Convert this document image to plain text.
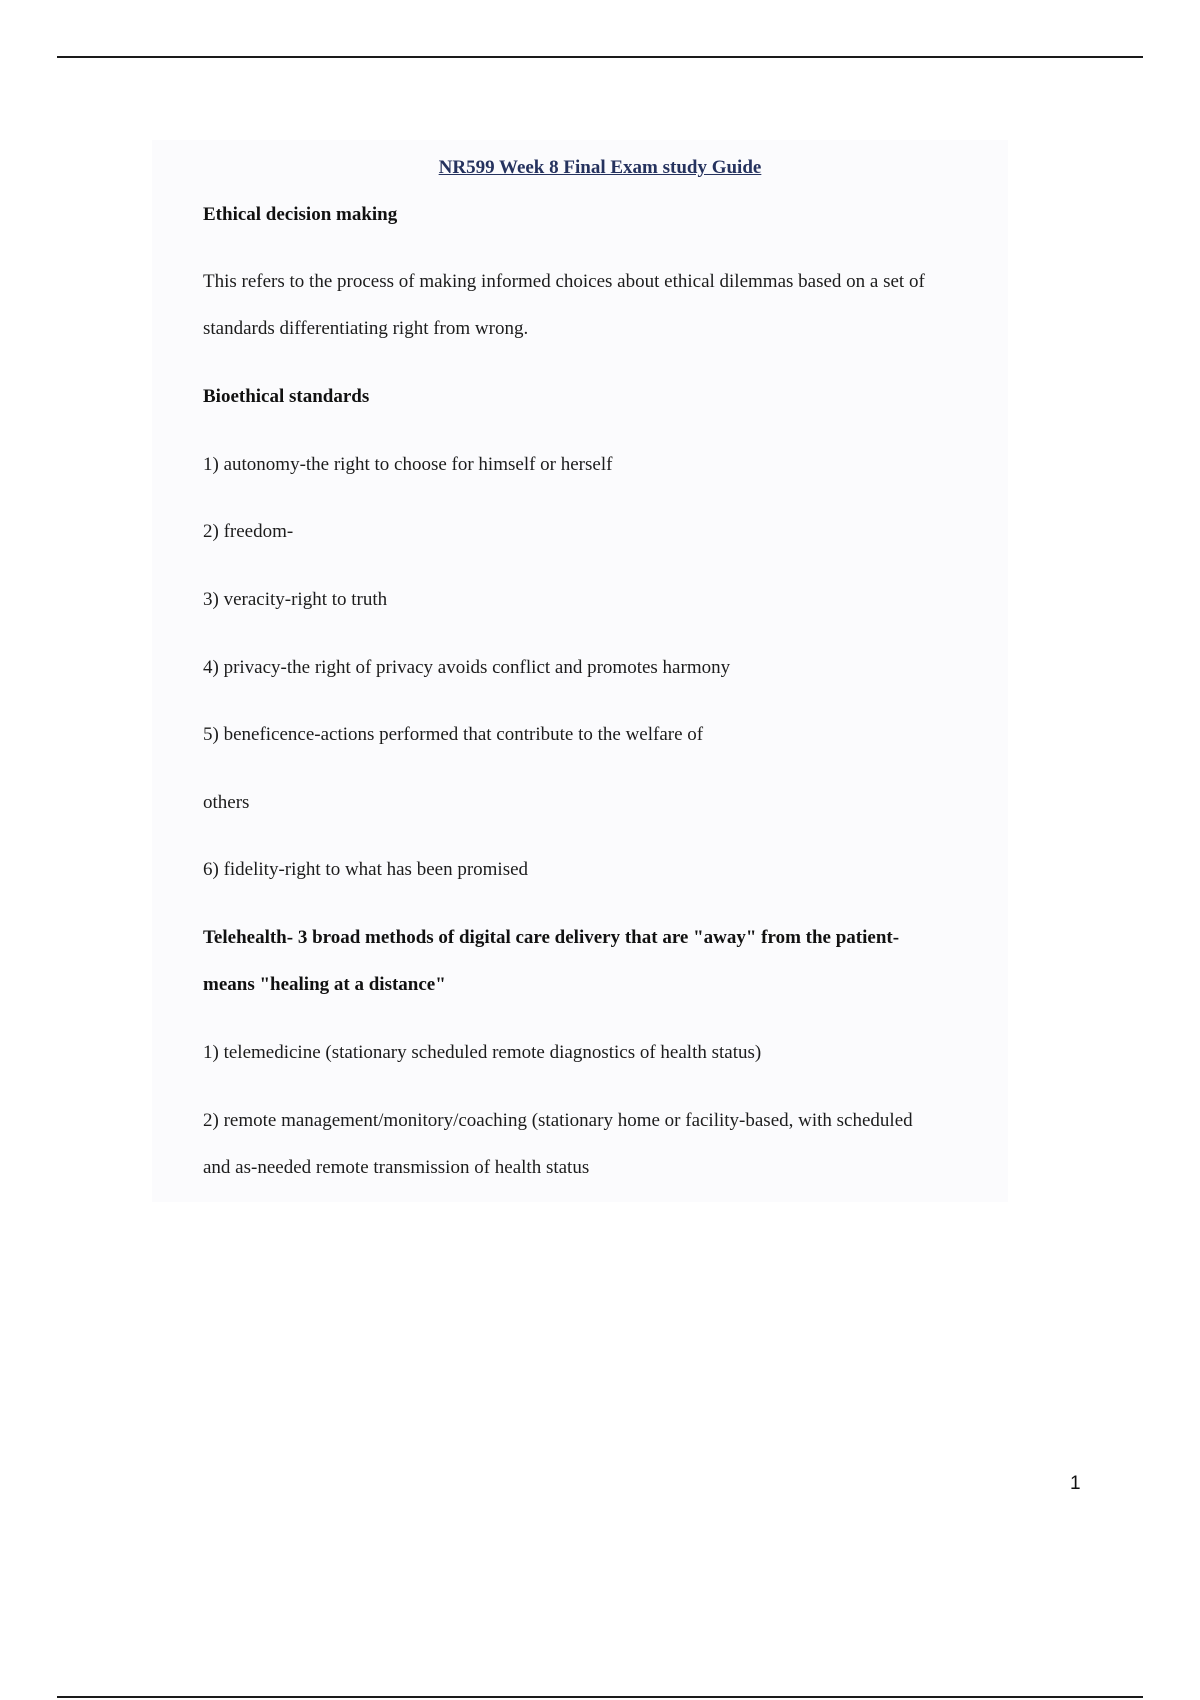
NR599 Week 8 Final Exam study Guide
Ethical decision making
This refers to the process of making informed choices about ethical dilemmas based on a set of
standards differentiating right from wrong.
Bioethical standards
1) autonomy-the right to choose for himself or herself
2) freedom-
3) veracity-right to truth
4) privacy-the right of privacy avoids conflict and promotes harmony
5) beneficence-actions performed that contribute to the welfare of
others
6) fidelity-right to what has been promised
Telehealth- 3 broad methods of digital care delivery that are "away" from the patient-
means "healing at a distance"
1) telemedicine (stationary scheduled remote diagnostics of health status)
2) remote management/monitory/coaching (stationary home or facility-based, with scheduled
and as-needed remote transmission of health status
1
